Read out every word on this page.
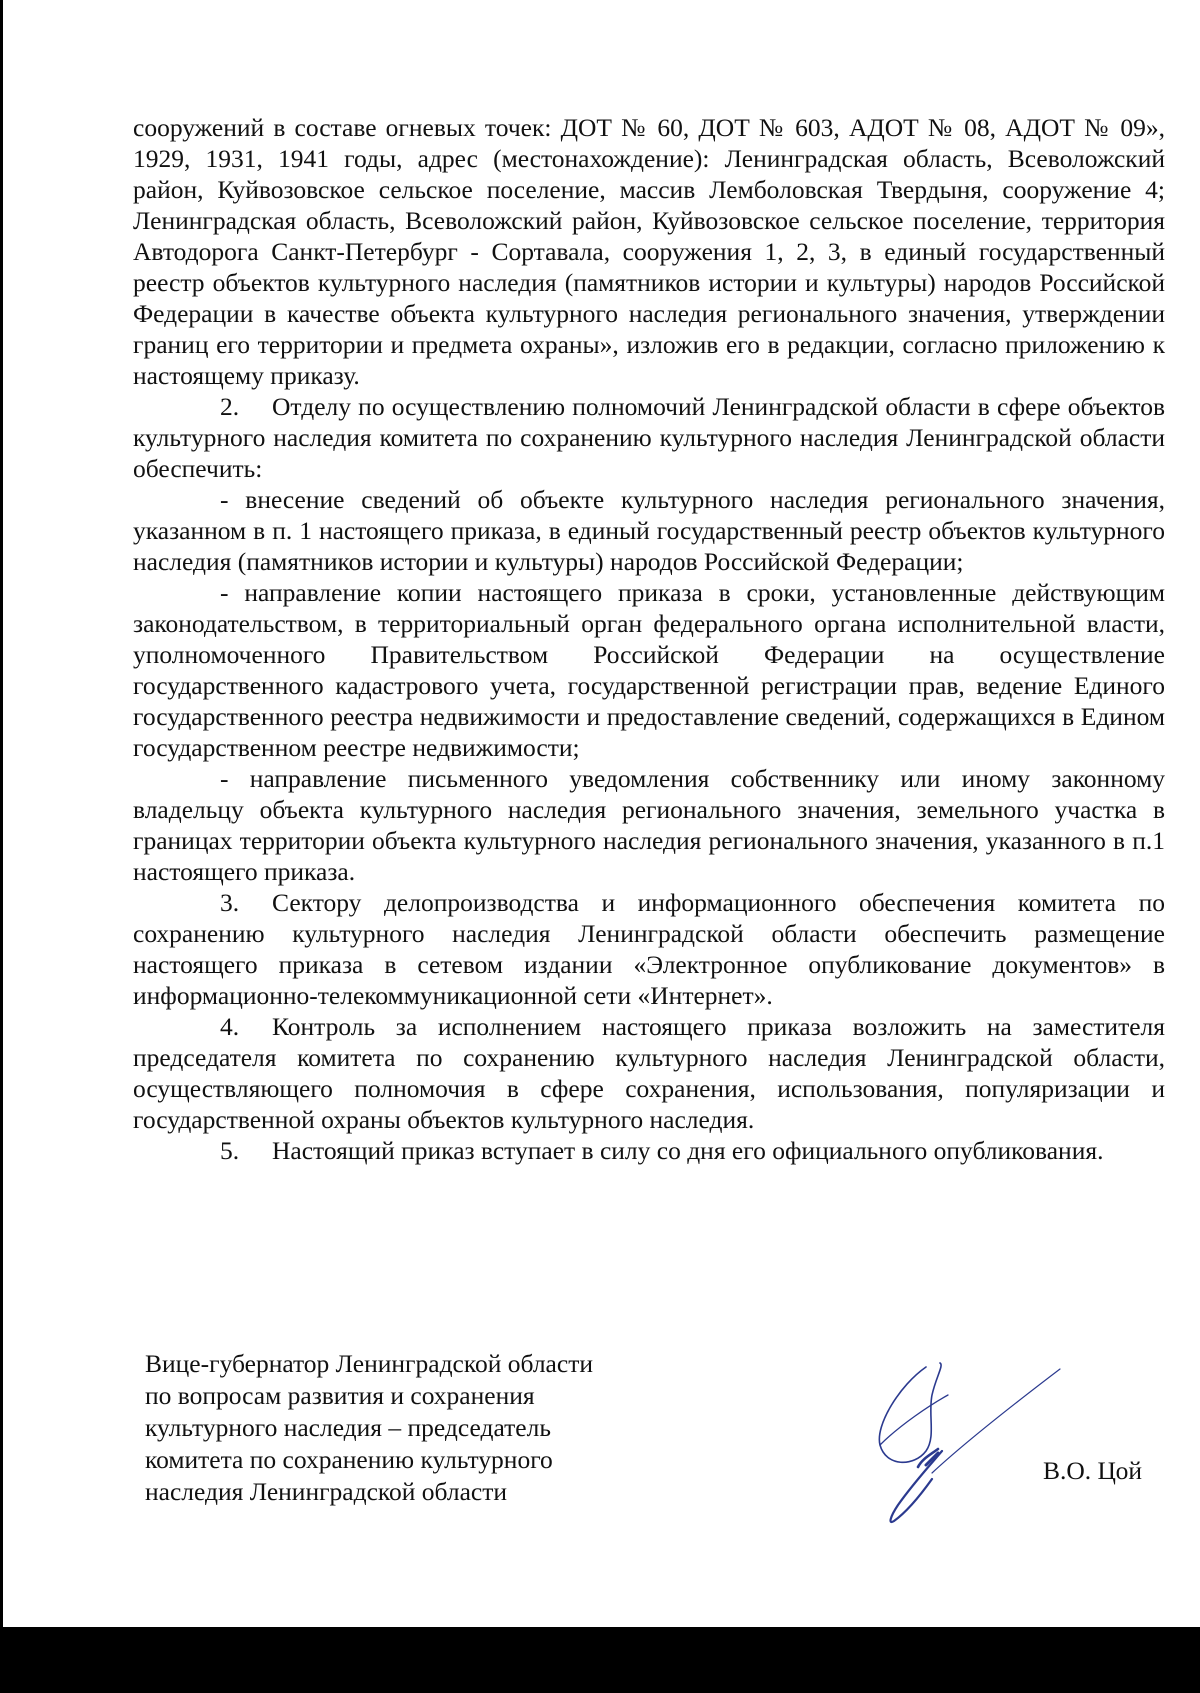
сооружений в составе огневых точек: ДОТ № 60, ДОТ № 603, АДОТ № 08, АДОТ № 09», 1929, 1931, 1941 годы, адрес (местонахождение): Ленинградская область, Всеволожский район, Куйвозовское сельское поселение, массив Лемболовская Твердыня, сооружение 4; Ленинградская область, Всеволожский район, Куйвозовское сельское поселение, территория Автодорога Санкт-Петербург - Сортавала, сооружения 1, 2, 3, в единый государственный реестр объектов культурного наследия (памятников истории и культуры) народов Российской Федерации в качестве объекта культурного наследия регионального значения, утверждении границ его территории и предмета охраны», изложив его в редакции, согласно приложению к настоящему приказу.

2. Отделу по осуществлению полномочий Ленинградской области в сфере объектов культурного наследия комитета по сохранению культурного наследия Ленинградской области обеспечить:

- внесение сведений об объекте культурного наследия регионального значения, указанном в п. 1 настоящего приказа, в единый государственный реестр объектов культурного наследия (памятников истории и культуры) народов Российской Федерации;

- направление копии настоящего приказа в сроки, установленные действующим законодательством, в территориальный орган федерального органа исполнительной власти, уполномоченного Правительством Российской Федерации на осуществление государственного кадастрового учета, государственной регистрации прав, ведение Единого государственного реестра недвижимости и предоставление сведений, содержащихся в Едином государственном реестре недвижимости;

- направление письменного уведомления собственнику или иному законному владельцу объекта культурного наследия регионального значения, земельного участка в границах территории объекта культурного наследия регионального значения, указанного в п.1 настоящего приказа.

3. Сектору делопроизводства и информационного обеспечения комитета по сохранению культурного наследия Ленинградской области обеспечить размещение настоящего приказа в сетевом издании «Электронное опубликование документов» в информационно-телекоммуникационной сети «Интернет».

4. Контроль за исполнением настоящего приказа возложить на заместителя председателя комитета по сохранению культурного наследия Ленинградской области, осуществляющего полномочия в сфере сохранения, использования, популяризации и государственной охраны объектов культурного наследия.

5. Настоящий приказ вступает в силу со дня его официального опубликования.

Вице-губернатор Ленинградской области
по вопросам развития и сохранения
культурного наследия – председатель
комитета по сохранению культурного
наследия Ленинградской области
В.О. Цой
